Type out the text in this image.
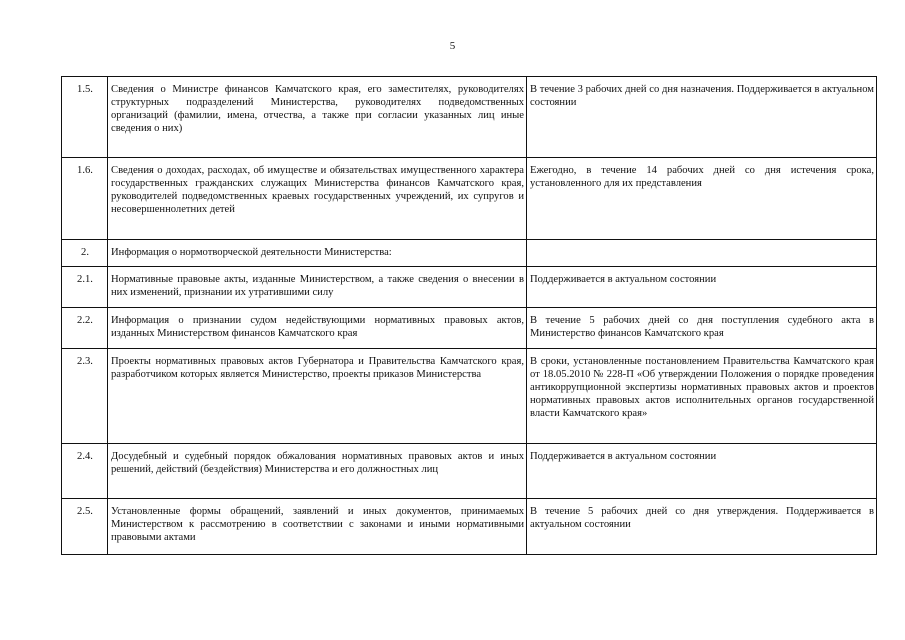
5
1.5.	Сведения о Министре финансов Камчатского края, его заместителях, руководителях структурных подразделений Министерства, руководителях подведомственных организаций (фамилии, имена, отчества, а также при согласии указанных лиц иные сведения о них)	В течение 3 рабочих дней со дня назначения. Поддерживается в актуальном состоянии
1.6.	Сведения о доходах, расходах, об имуществе и обязательствах имущественного характера государственных гражданских служащих Министерства финансов Камчатского края, руководителей подведомственных краевых государственных учреждений, их супругов и несовершеннолетних детей	Ежегодно, в течение 14 рабочих дней со дня истечения срока, установленного для их представления
2.	Информация о нормотворческой деятельности Министерства:	
2.1.	Нормативные правовые акты, изданные Министерством, а также сведения о внесении в них изменений, признании их утратившими силу	Поддерживается в актуальном состоянии
2.2.	Информация о признании судом недействующими нормативных правовых актов, изданных Министерством финансов Камчатского края	В течение 5 рабочих дней со дня поступления судебного акта в Министерство финансов Камчатского края
2.3.	Проекты нормативных правовых актов Губернатора и Правительства Камчатского края, разработчиком которых является Министерство, проекты приказов Министерства	В сроки, установленные постановлением Правительства Камчатского края от 18.05.2010 № 228-П «Об утверждении Положения о порядке проведения антикоррупционной экспертизы нормативных правовых актов и проектов нормативных правовых актов исполнительных органов государственной власти Камчатского края»
2.4.	Досудебный и судебный порядок обжалования нормативных правовых актов и иных решений, действий (бездействия) Министерства и его должностных лиц	Поддерживается в актуальном состоянии
2.5.	Установленные формы обращений, заявлений и иных документов, принимаемых Министерством к рассмотрению в соответствии с законами и иными нормативными правовыми актами	В течение 5 рабочих дней со дня утверждения. Поддерживается в актуальном состоянии
